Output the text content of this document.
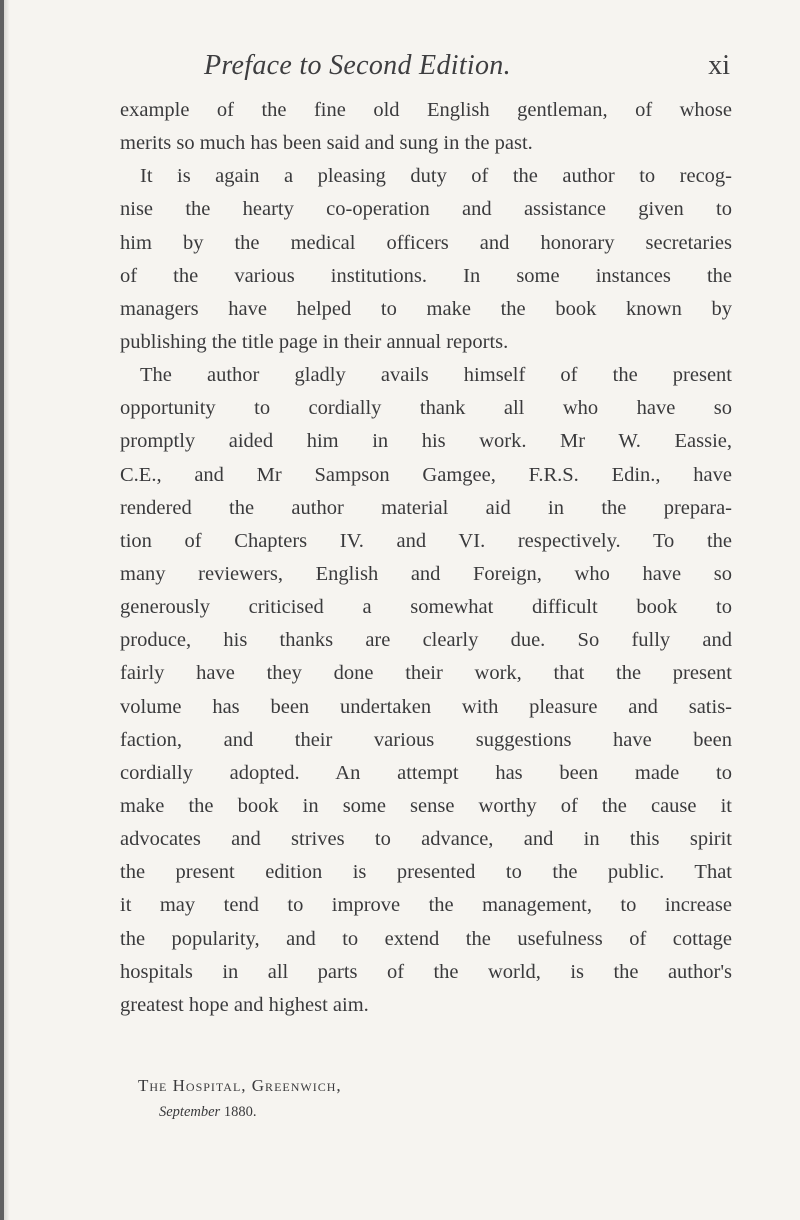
Preface to Second Edition.	xi
example of the fine old English gentleman, of whose
merits so much has been said and sung in the past.
It is again a pleasing duty of the author to recog-
nise the hearty co-operation and assistance given to
him by the medical officers and honorary secretaries
of the various institutions. In some instances the
managers have helped to make the book known by
publishing the title page in their annual reports.
The author gladly avails himself of the present
opportunity to cordially thank all who have so
promptly aided him in his work. Mr W. Eassie,
C.E., and Mr Sampson Gamgee, F.R.S. Edin., have
rendered the author material aid in the prepara-
tion of Chapters IV. and VI. respectively. To the
many reviewers, English and Foreign, who have so
generously criticised a somewhat difficult book to
produce, his thanks are clearly due. So fully and
fairly have they done their work, that the present
volume has been undertaken with pleasure and satis-
faction, and their various suggestions have been
cordially adopted. An attempt has been made to
make the book in some sense worthy of the cause it
advocates and strives to advance, and in this spirit
the present edition is presented to the public. That
it may tend to improve the management, to increase
the popularity, and to extend the usefulness of cottage
hospitals in all parts of the world, is the author's
greatest hope and highest aim.
The Hospital, Greenwich,
September 1880.
